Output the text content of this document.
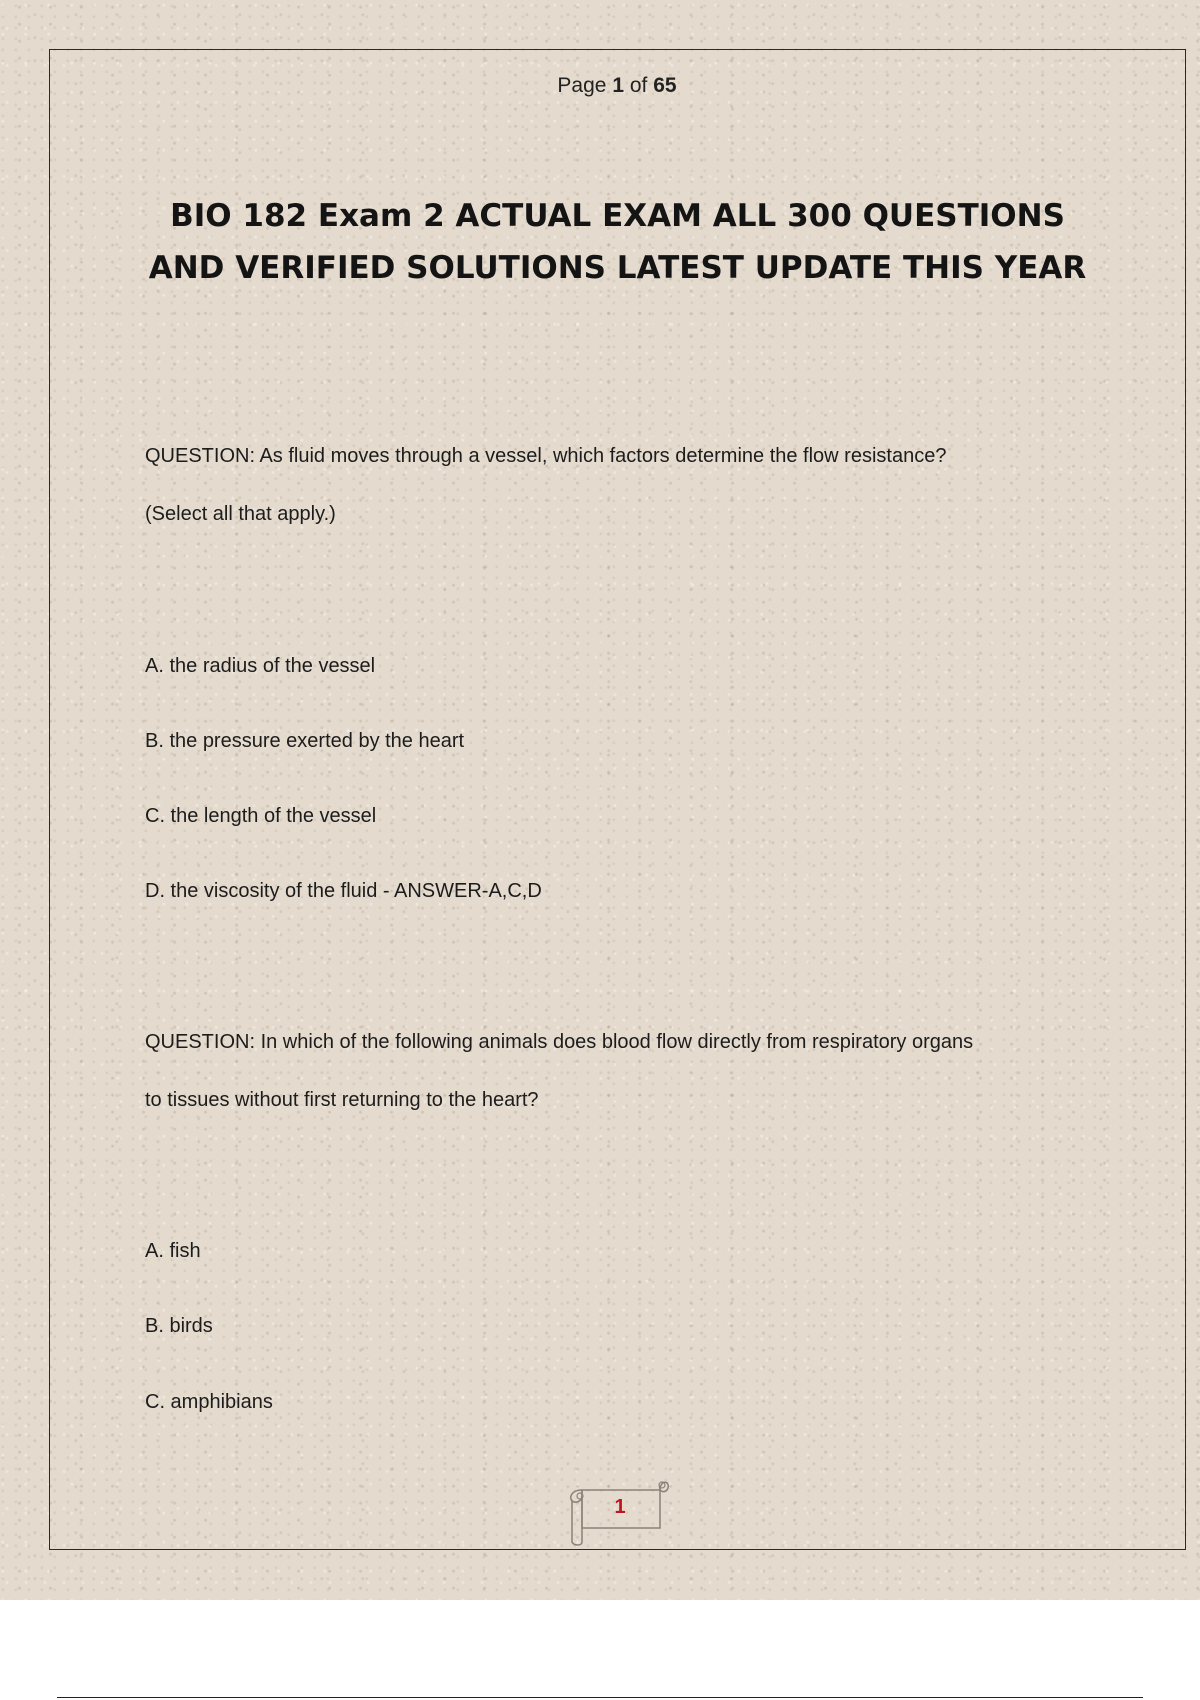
Page 1 of 65
BIO 182 Exam 2 ACTUAL EXAM ALL 300 QUESTIONS AND VERIFIED SOLUTIONS LATEST UPDATE THIS YEAR
QUESTION: As fluid moves through a vessel, which factors determine the flow resistance?
(Select all that apply.)
A. the radius of the vessel
B. the pressure exerted by the heart
C. the length of the vessel
D. the viscosity of the fluid - ANSWER-A,C,D
QUESTION: In which of the following animals does blood flow directly from respiratory organs
to tissues without first returning to the heart?
A. fish
B. birds
C. amphibians
1
